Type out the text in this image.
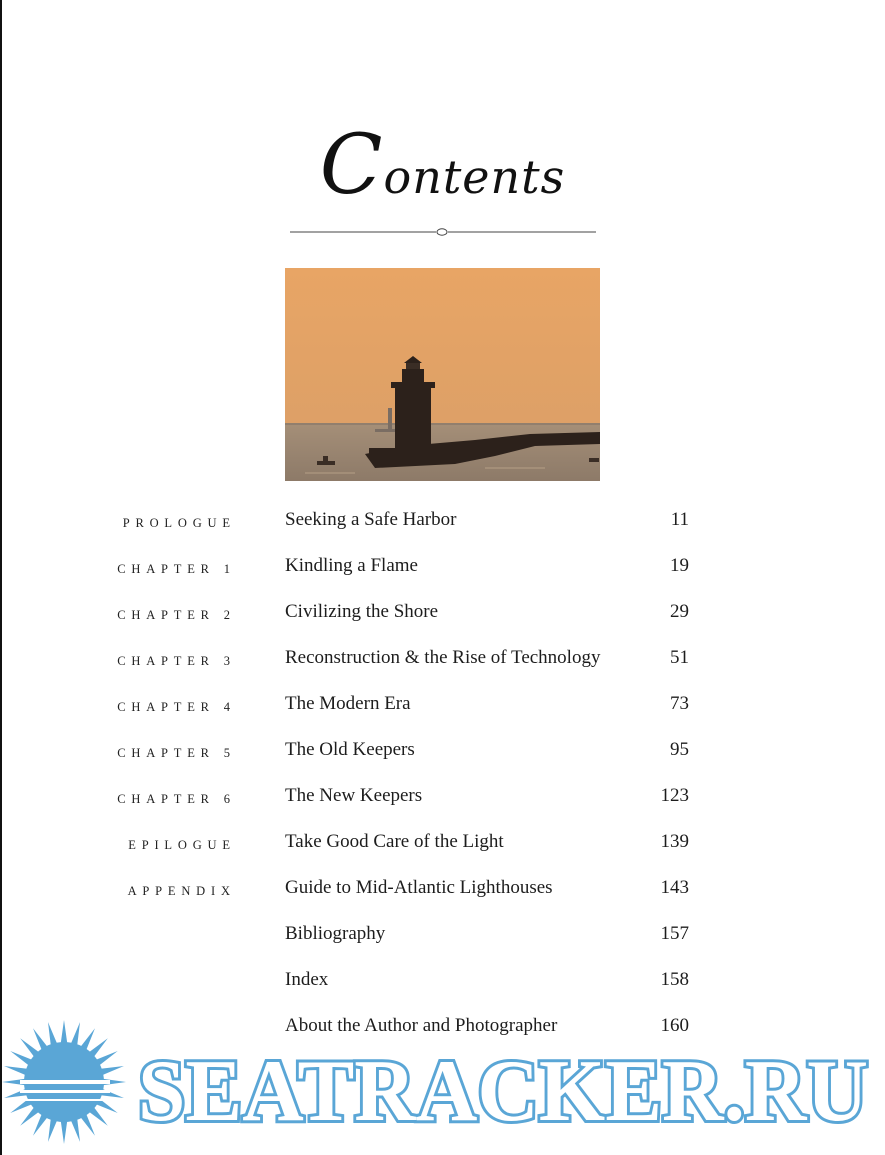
Contents
PROLOGUE	Seeking a Safe Harbor	11
CHAPTER 1	Kindling a Flame	19
CHAPTER 2	Civilizing the Shore	29
CHAPTER 3	Reconstruction & the Rise of Technology	51
CHAPTER 4	The Modern Era	73
CHAPTER 5	The Old Keepers	95
CHAPTER 6	The New Keepers	123
EPILOGUE	Take Good Care of the Light	139
APPENDIX	Guide to Mid-Atlantic Lighthouses	143
Bibliography	157
Index	158
About the Author and Photographer	160
SEATRACKER.RU
